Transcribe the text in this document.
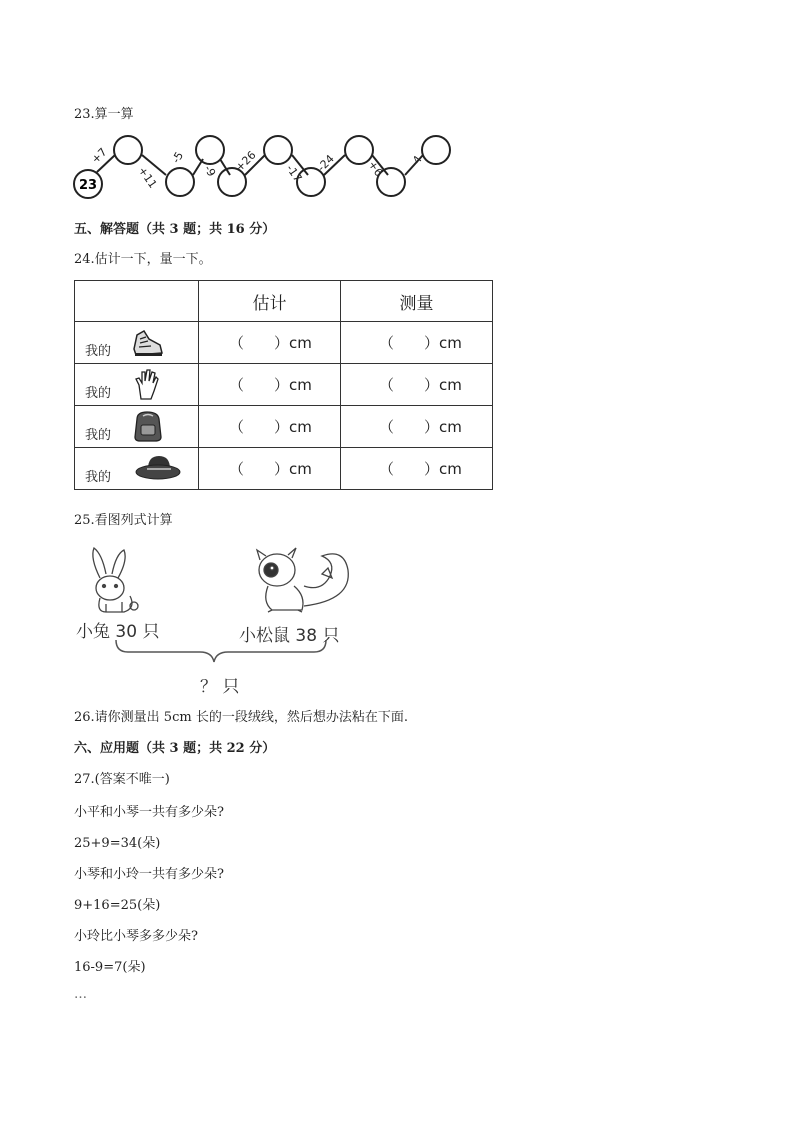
23.算一算
23
+7
+11
-5
-9 +26 -17 -24	+6 -4
五、解答题（共 3 题；共 16 分）
24.估计一下，量一下。
	估计	测量

我的	（　　）cm	（　　）cm

我的	（　　）cm	（　　）cm

我的	（　　）cm	（　　）cm

我的	（　　）cm	（　　）cm
25.看图列式计算
小兔 30 只	小松鼠 38 只
？ 只
26.请你测量出 5cm 长的一段绒线，然后想办法粘在下面.
六、应用题（共 3 题；共 22 分）
27.(答案不唯一)
小平和小琴一共有多少朵?
25+9=34(朵)
小琴和小玲一共有多少朵?
9+16=25(朵)
小玲比小琴多多少朵?
16-9=7(朵)
…
